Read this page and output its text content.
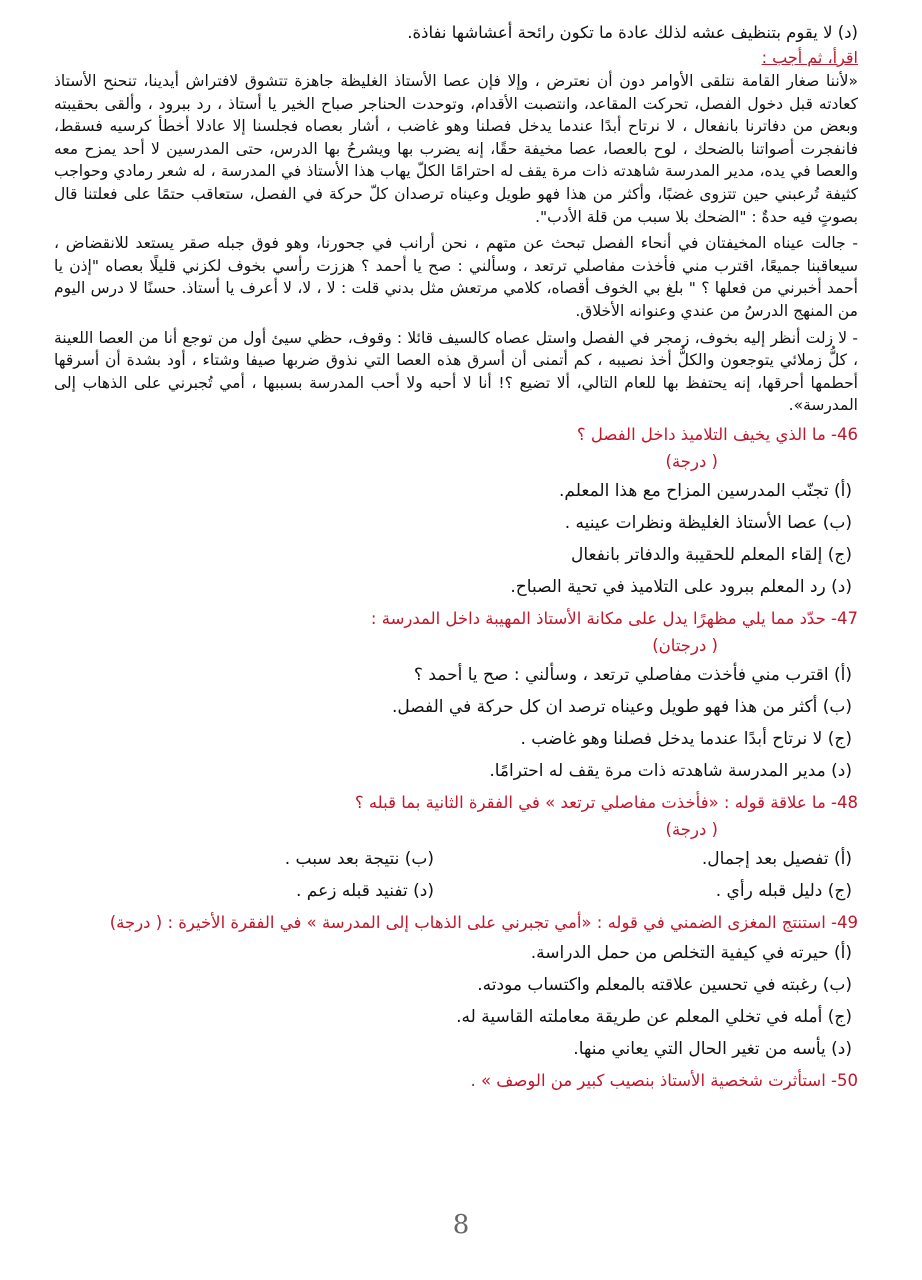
(د) لا يقوم بتنظيف عشه لذلك عادة ما تكون رائحة أعشاشها نفاذة.
اقرأ، ثم أجب :

«لأننا صغار القامة نتلقى الأوامر دون أن نعترض ، وإلا فإن عصا الأستاذ الغليظة جاهزة تتشوق لافتراش أيدينا، تنحنح الأستاذ كعادته قبل دخول الفصل، تحركت المقاعد، وانتصبت الأقدام، وتوحدت الحناجر صباح الخير يا أستاذ ، رد ببرود ، وألقى بحقيبته وبعض من دفاترنا بانفعال ، لا نرتاح أبدًا عندما يدخل فصلنا وهو غاضب ، أشار بعصاه فجلسنا إلا عادلا أخطأ كرسيه فسقط، فانفجرت أصواتنا بالضحك ، لوح بالعصا، عصا مخيفة حقًا، إنه يضرب بها ويشرحُ بها الدرس، حتى المدرسين لا أحد يمزح معه والعصا في يده، مدير المدرسة شاهدته ذات مرة يقف له احترامًا الكلّ يهاب هذا الأستاذ في المدرسة ، له شعر رمادي وحواجب كثيفة تُرعبني حين تتزوى غضبًا، وأكثر من هذا فهو طويل وعيناه ترصدان كلّ حركة في الفصل، ستعاقب حتمًا على فعلتنا قال بصوتٍ فيه حدةٌ : "الضحك بلا سبب من قلة الأدب".

- جالت عيناه المخيفتان في أنحاء الفصل تبحث عن متهم ، نحن أرانب في جحورنا، وهو فوق جبله صقر يستعد للانقضاض ، سيعاقبنا جميعًا، اقترب مني فأخذت مفاصلي ترتعد ، وسألني : صح يا أحمد ؟ هززت رأسي بخوف لكزني قليلًا بعصاه "إذن يا أحمد أخبرني من فعلها ؟ " بلغ بي الخوف أقصاه، كلامي مرتعش مثل بدني قلت : لا ، لا، لا أعرف يا أستاذ. حسنًا لا درس اليوم من المنهج الدرسُ من عندي وعنوانه الأخلاق.

- لا زلت أنظر إليه بخوف، زمجر في الفصل واستل عصاه كالسيف قائلا : وقوف، حظي سيئ أول من توجع أنا من العصا اللعينة ، كلُّ زملائي يتوجعون والكلُّ أخذ نصيبه ، كم أتمنى أن أسرق هذه العصا التي نذوق ضربها صيفا وشتاء ، أود بشدة أن أسرقها أحطمها أحرقها، إنه يحتفظ بها للعام التالي، ألا تضيع ؟! أنا لا أحبه ولا أحب المدرسة بسببها ، أمي تُجبرني على الذهاب إلى المدرسة».

46- ما الذي يخيف التلاميذ داخل الفصل ؟
( درجة)
(أ) تجنّب المدرسين المزاح مع هذا المعلم.
(ب) عصا الأستاذ الغليظة ونظرات عينيه .
(ج) إلقاء المعلم للحقيبة والدفاتر بانفعال
(د) رد المعلم ببرود على التلاميذ في تحية الصباح.
47- حدّد مما يلي مظهرًا يدل على مكانة الأستاذ المهيبة داخل المدرسة :
( درجتان)
(أ) اقترب مني فأخذت مفاصلي ترتعد ، وسألني : صح يا أحمد ؟
(ب) أكثر من هذا فهو طويل وعيناه ترصد ان كل حركة في الفصل.
(ج) لا نرتاح أبدًا عندما يدخل فصلنا وهو غاضب .
(د) مدير المدرسة شاهدته ذات مرة يقف له احترامًا.
48- ما علاقة قوله : «فأخذت مفاصلي ترتعد » في الفقرة الثانية بما قبله ؟
( درجة)
(أ) تفصيل بعد إجمال.
(ب) نتيجة بعد سبب .
(ج) دليل قبله رأي .
(د) تفنيد قبله زعم .
49- استنتج المغزى الضمني في قوله : «أمي تجبرني على الذهاب إلى المدرسة » في الفقرة الأخيرة : ( درجة)
(أ) حيرته في كيفية التخلص من حمل الدراسة.
(ب) رغبته في تحسين علاقته بالمعلم واكتساب مودته.
(ج) أمله في تخلي المعلم عن طريقة معاملته القاسية له.
(د) يأسه من تغير الحال التي يعاني منها.
50- استأثرت شخصية الأستاذ بنصيب كبير من الوصف » .
8
